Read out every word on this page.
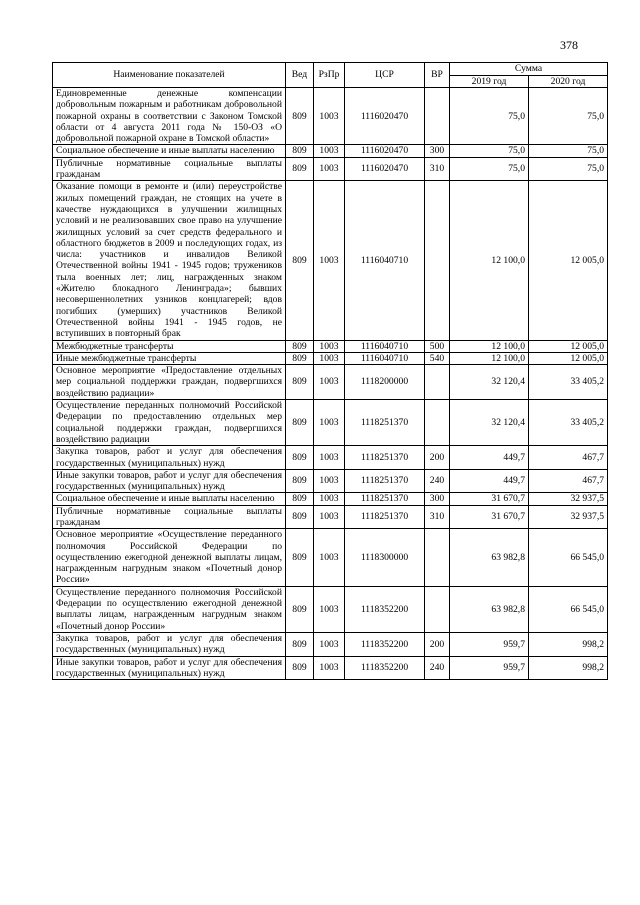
378
Наименование показателей	Вед	РзПр	ЦСР	ВР	Сумма	
					2019 год	2020 год
Единовременные денежные компенсации добровольным пожарным и работникам добровольной пожарной охраны в соответствии с Законом Томской области от 4 августа 2011 года № 150-ОЗ «О добровольной пожарной охране в Томской области»	809	1003	1116020470		75,0	75,0
Социальное обеспечение и иные выплаты населению	809	1003	1116020470	300	75,0	75,0
Публичные нормативные социальные выплаты гражданам	809	1003	1116020470	310	75,0	75,0
Оказание помощи в ремонте и (или) переустройстве жилых помещений граждан, не стоящих на учете в качестве нуждающихся в улучшении жилищных условий и не реализовавших свое право на улучшение жилищных условий за счет средств федерального и областного бюджетов в 2009 и последующих годах, из числа: участников и инвалидов Великой Отечественной войны 1941 - 1945 годов; тружеников тыла военных лет; лиц, награжденных знаком «Жителю блокадного Ленинграда»; бывших несовершеннолетних узников концлагерей; вдов погибших (умерших) участников Великой Отечественной войны 1941 - 1945 годов, не вступивших в повторный брак	809	1003	1116040710		12 100,0	12 005,0
Межбюджетные трансферты	809	1003	1116040710	500	12 100,0	12 005,0
Иные межбюджетные трансферты	809	1003	1116040710	540	12 100,0	12 005,0
Основное мероприятие «Предоставление отдельных мер социальной поддержки граждан, подвергшихся воздействию радиации»	809	1003	1118200000		32 120,4	33 405,2
Осуществление переданных полномочий Российской Федерации по предоставлению отдельных мер социальной поддержки граждан, подвергшихся воздействию радиации	809	1003	1118251370		32 120,4	33 405,2
Закупка товаров, работ и услуг для обеспечения государственных (муниципальных) нужд	809	1003	1118251370	200	449,7	467,7
Иные закупки товаров, работ и услуг для обеспечения государственных (муниципальных) нужд	809	1003	1118251370	240	449,7	467,7
Социальное обеспечение и иные выплаты населению	809	1003	1118251370	300	31 670,7	32 937,5
Публичные нормативные социальные выплаты гражданам	809	1003	1118251370	310	31 670,7	32 937,5
Основное мероприятие «Осуществление переданного полномочия Российской Федерации по осуществлению ежегодной денежной выплаты лицам, награжденным нагрудным знаком «Почетный донор России»	809	1003	1118300000		63 982,8	66 545,0
Осуществление переданного полномочия Российской Федерации по осуществлению ежегодной денежной выплаты лицам, награжденным нагрудным знаком «Почетный донор России»	809	1003	1118352200		63 982,8	66 545,0
Закупка товаров, работ и услуг для обеспечения государственных (муниципальных) нужд	809	1003	1118352200	200	959,7	998,2
Иные закупки товаров, работ и услуг для обеспечения государственных (муниципальных) нужд	809	1003	1118352200	240	959,7	998,2
